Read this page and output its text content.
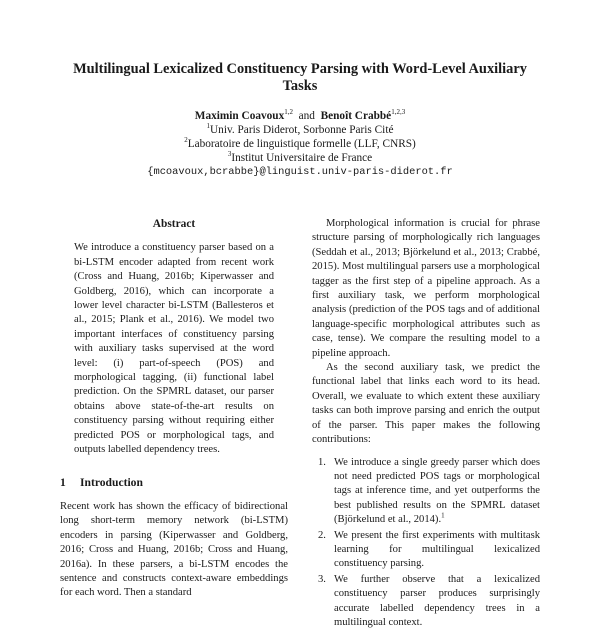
Multilingual Lexicalized Constituency Parsing with Word-Level Auxiliary Tasks
Maximin Coavoux$^{1,2}$ and Benoît Crabbé$^{1,2,3}$
$^1$Univ. Paris Diderot, Sorbonne Paris Cité
$^2$Laboratoire de linguistique formelle (LLF, CNRS)
$^3$Institut Universitaire de France
{mcoavoux,bcrabbe}@linguist.univ-paris-diderot.fr
Abstract

We introduce a constituency parser based on a bi-LSTM encoder adapted from recent work (Cross and Huang, 2016b; Kiperwasser and Goldberg, 2016), which can incorporate a lower level character bi-LSTM (Ballesteros et al., 2015; Plank et al., 2016). We model two important interfaces of constituency parsing with auxiliary tasks supervised at the word level: (i) part-of-speech (POS) and morphological tagging, (ii) functional label prediction. On the SPMRL dataset, our parser obtains above state-of-the-art results on constituency parsing without requiring either predicted POS or morphological tags, and outputs labelled dependency trees.

1 Introduction

Recent work has shown the efficacy of bidirectional long short-term memory network (bi-LSTM) encoders in parsing (Kiperwasser and Goldberg, 2016; Cross and Huang, 2016b; Cross and Huang, 2016a). In these parsers, a bi-LSTM encodes the sentence and constructs context-aware embeddings for each word. Then a standard

Morphological information is crucial for phrase structure parsing of morphologically rich languages (Seddah et al., 2013; Björkelund et al., 2013; Crabbé, 2015). Most multilingual parsers use a morphological tagger as the first step of a pipeline approach. As a first auxiliary task, we perform morphological analysis (prediction of the POS tags and of additional language-specific morphological attributes such as case, tense). We compare the resulting model to a pipeline approach.

As the second auxiliary task, we predict the functional label that links each word to its head. Overall, we evaluate to which extent these auxiliary tasks can both improve parsing and enrich the output of the parser. This paper makes the following contributions:

1. We introduce a single greedy parser which does not need predicted POS tags or morphological tags at inference time, and yet outperforms the best published results on the SPMRL dataset (Björkelund et al., 2014).$^1$
2. We present the first experiments with multitask learning for multilingual lexicalized constituency parsing.
3. We further observe that a lexicalized constituency parser produces surprisingly accurate labelled dependency trees in a multilingual context.
